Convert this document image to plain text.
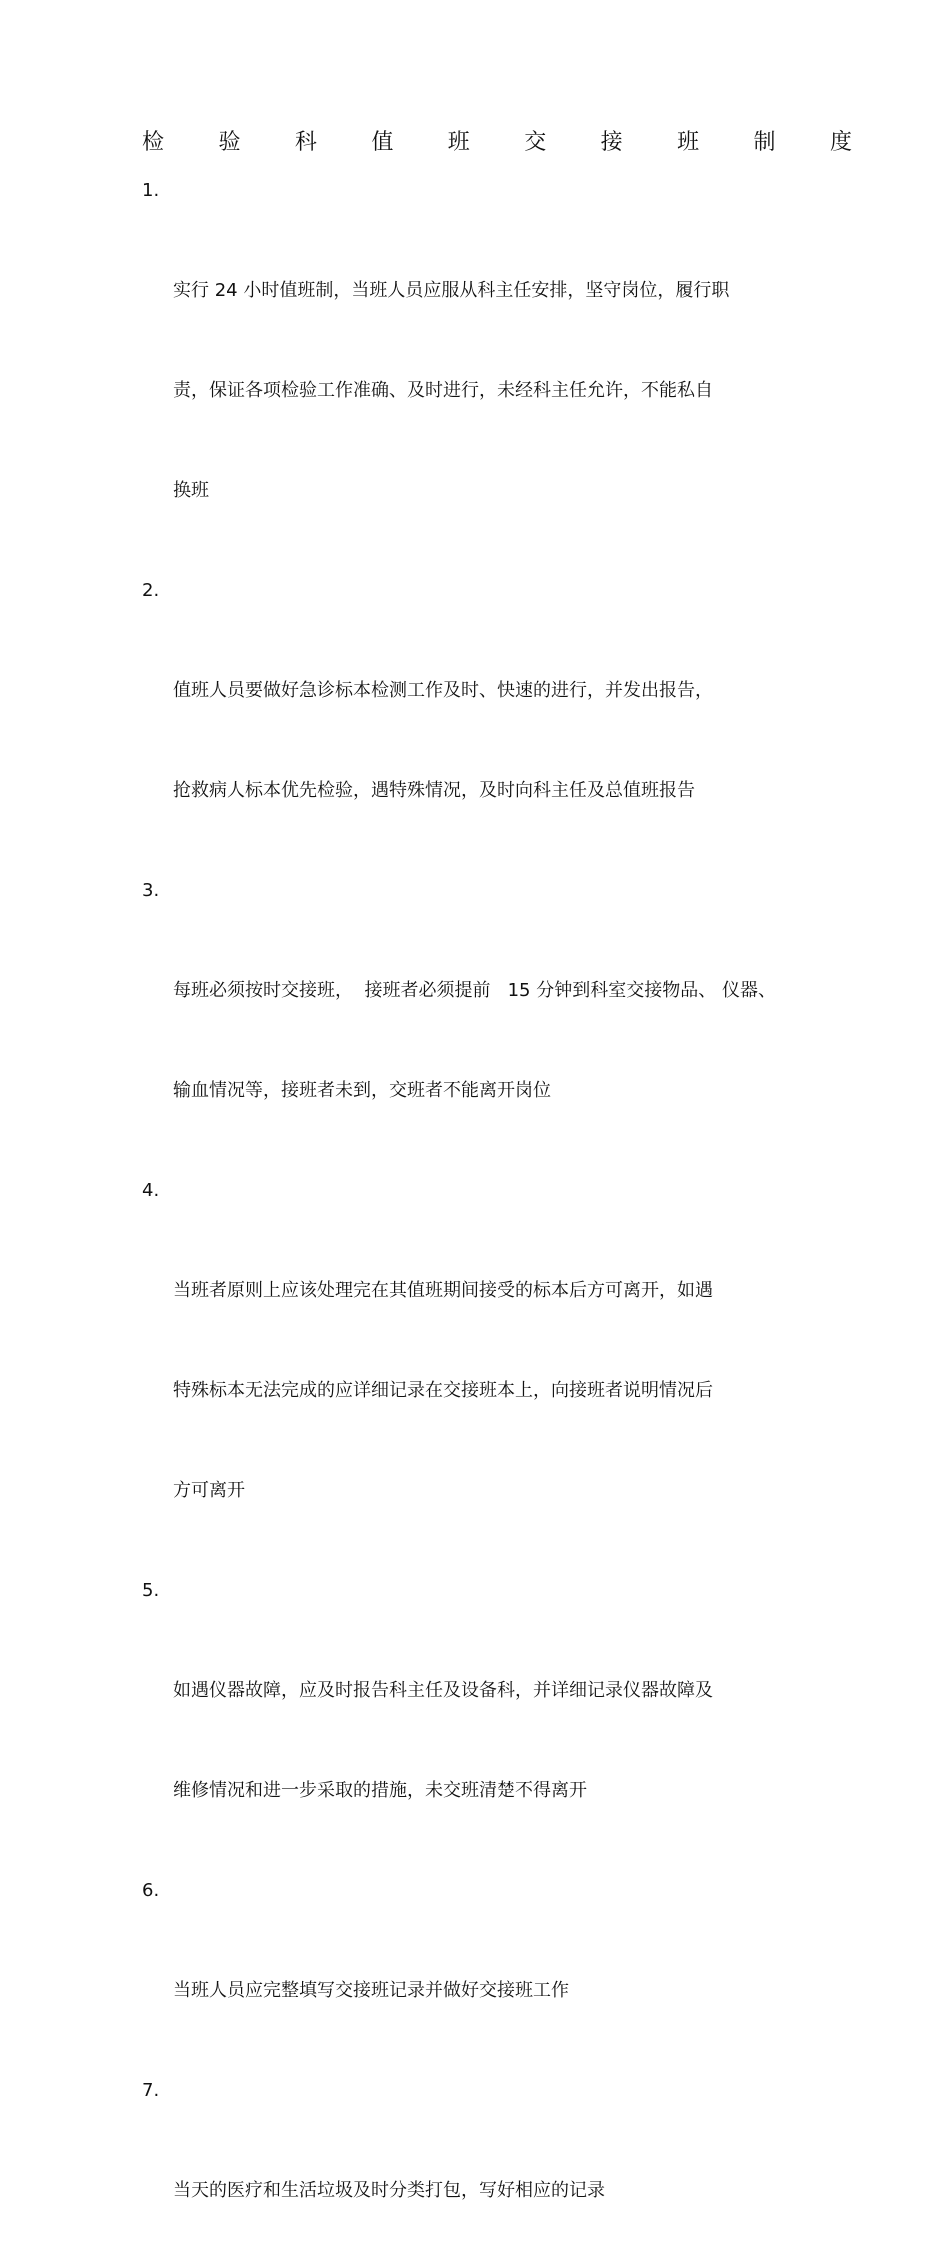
检 验 科 值 班 交 接 班 制 度

1.

实行 24 小时值班制，当班人员应服从科主任安排，坚守岗位，履行职

责，保证各项检验工作准确、及时进行，未经科主任允许，不能私自

换班

2.

值班人员要做好急诊标本检测工作及时、快速的进行，并发出报告，

抢救病人标本优先检验，遇特殊情况，及时向科主任及总值班报告

3.

每班必须按时交接班，  接班者必须提前   15 分钟到科室交接物品、 仪器、

输血情况等，接班者未到，交班者不能离开岗位

4.

当班者原则上应该处理完在其值班期间接受的标本后方可离开，如遇

特殊标本无法完成的应详细记录在交接班本上，向接班者说明情况后

方可离开

5.

如遇仪器故障，应及时报告科主任及设备科，并详细记录仪器故障及

维修情况和进一步采取的措施，未交班清楚不得离开

6.

当班人员应完整填写交接班记录并做好交接班工作

7.

当天的医疗和生活垃圾及时分类打包，写好相应的记录
